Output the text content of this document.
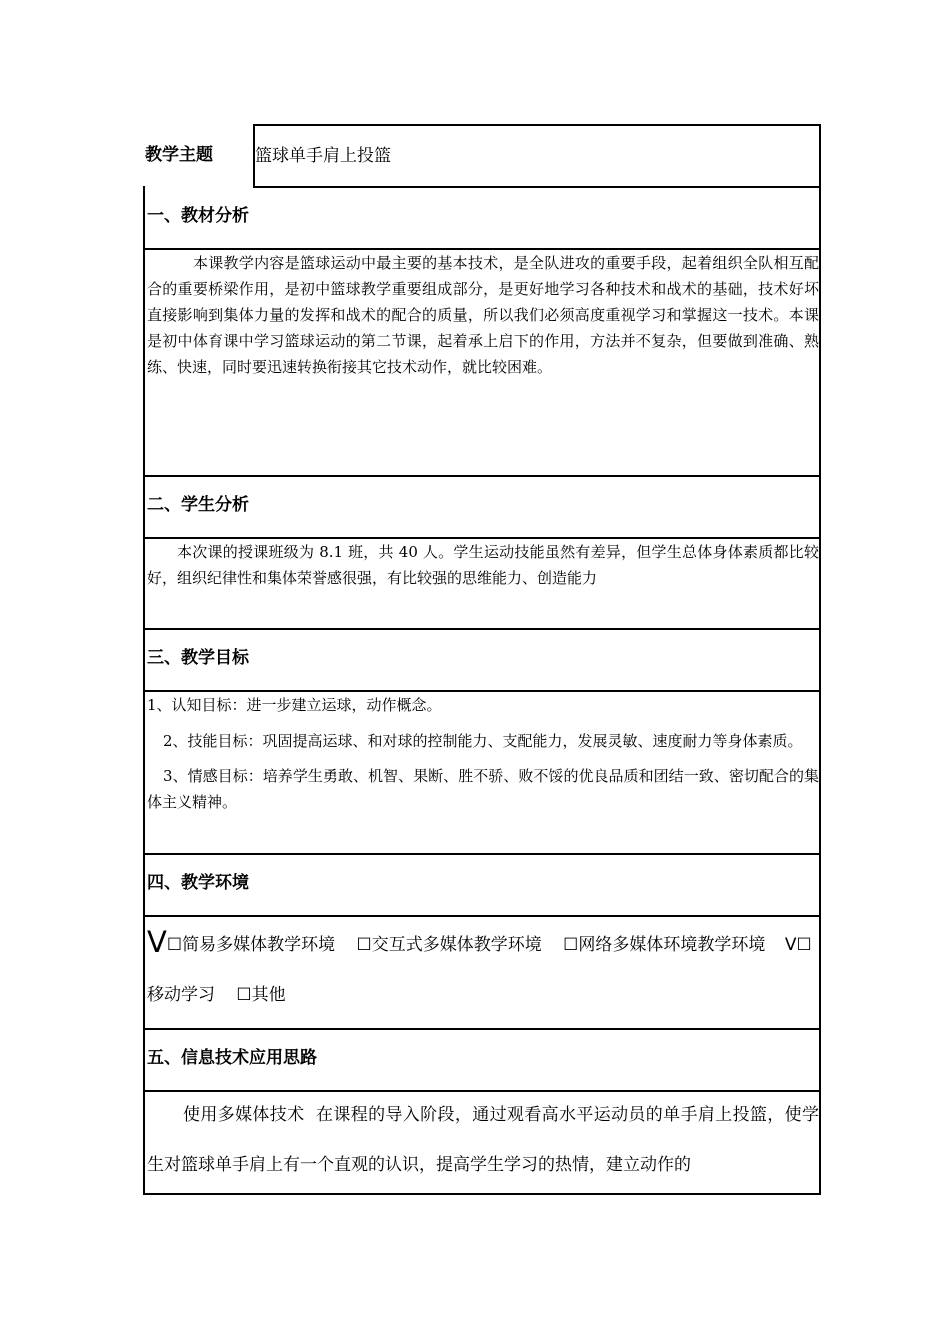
教学主题	篮球单手肩上投篮
一、教材分析

本课教学内容是篮球运动中最主要的基本技术，是全队进攻的重要手段，起着组织全队相互配合的重要桥梁作用，是初中篮球教学重要组成部分，是更好地学习各种技术和战术的基础，技术好坏直接影响到集体力量的发挥和战术的配合的质量，所以我们必须高度重视学习和掌握这一技术。本课是初中体育课中学习篮球运动的第二节课，起着承上启下的作用，方法并不复杂，但要做到准确、熟练、快速，同时要迅速转换衔接其它技术动作，就比较困难。

二、学生分析

本次课的授课班级为 8.1 班，共 40 人。学生运动技能虽然有差异，但学生总体身体素质都比较好，组织纪律性和集体荣誉感很强，有比较强的思维能力、创造能力

三、教学目标

1、认知目标：进一步建立运球，动作概念。

2、技能目标：巩固提高运球、和对球的控制能力、支配能力，发展灵敏、速度耐力等身体素质。

3、情感目标：培养学生勇敢、机智、果断、胜不骄、败不馁的优良品质和团结一致、密切配合的集体主义精神。

四、教学环境
V☐简易多媒体教学环境 ☐交互式多媒体教学环境 ☐网络多媒体环境教学环境 V☐移动学习 ☐其他
五、信息技术应用思路

使用多媒体技术  在课程的导入阶段，通过观看高水平运动员的单手肩上投篮，使学生对篮球单手肩上有一个直观的认识，提高学生学习的热情，建立动作的
